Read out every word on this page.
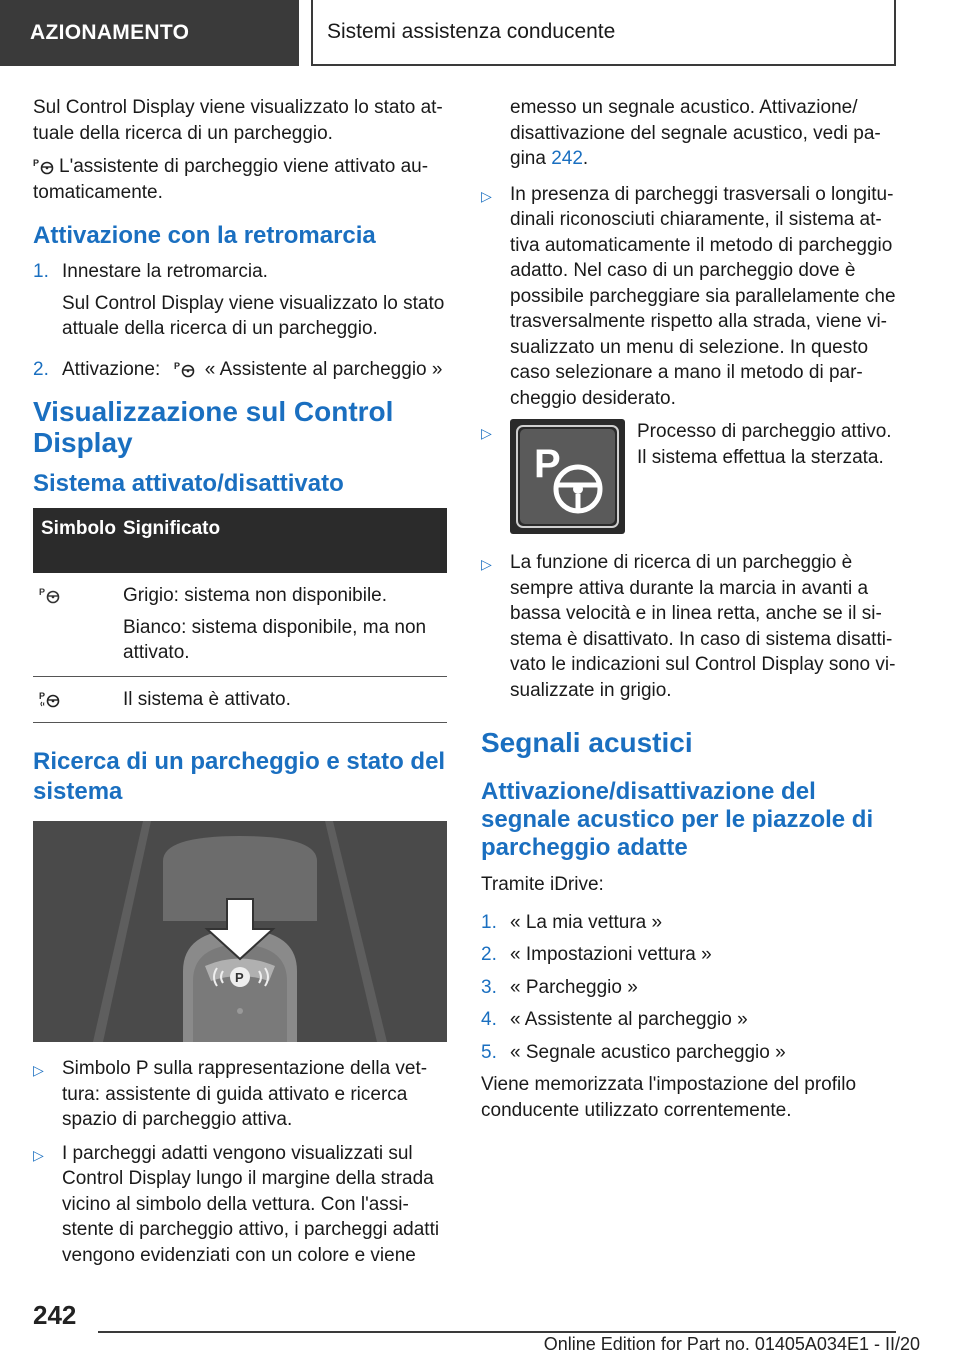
AZIONAMENTO	Sistemi assistenza conducente

Sul Control Display viene visualizzato lo stato attuale della ricerca di un parcheggio.

P L'assistente di parcheggio viene attivato automaticamente.

Attivazione con la retromarcia
1. Innestare la retromarcia.

Sul Control Display viene visualizzato lo stato attuale della ricerca di un parcheggio.

2. Attivazione: P « Assistente al parcheggio »
Visualizzazione sul Control Display
Sistema attivato/disattivato
Simbolo Significato
P	Grigio: sistema non disponibile.

Bianco: sistema disponibile, ma non attivato.

P	Il sistema è attivato.

Ricerca di un parcheggio e stato del sistema
P
▷ Simbolo P sulla rappresentazione della vettura: assistente di guida attivato e ricerca spazio di parcheggio attiva.
▷ I parcheggi adatti vengono visualizzati sul Control Display lungo il margine della strada vicino al simbolo della vettura. Con l'assistente di parcheggio attivo, i parcheggi adatti vengono evidenziati con un colore e viene

emesso un segnale acustico. Attivazione/ disattivazione del segnale acustico, vedi pagina 242.

▷ In presenza di parcheggi trasversali o longitudinali riconosciuti chiaramente, il sistema attiva automaticamente il metodo di parcheggio adatto. Nel caso di un parcheggio dove è possibile parcheggiare sia parallelamente che trasversalmente rispetto alla strada, viene visualizzato un menu di selezione. In questo caso selezionare a mano il metodo di parcheggio desiderato.
▷
P
Processo di parcheggio attivo. Il sistema effettua la sterzata.
▷ La funzione di ricerca di un parcheggio è sempre attiva durante la marcia in avanti a bassa velocità e in linea retta, anche se il sistema è disattivato. In caso di sistema disattivato le indicazioni sul Control Display sono visualizzate in grigio.
Segnali acustici
Attivazione/disattivazione del segnale acustico per le piazzole di parcheggio adatte

Tramite iDrive:

1. « La mia vettura »
2. « Impostazioni vettura »
3. « Parcheggio »
4. « Assistente al parcheggio »
5. « Segnale acustico parcheggio »

Viene memorizzata l'impostazione del profilo conducente utilizzato correntemente.

242
Online Edition for Part no. 01405A034E1 - II/20
